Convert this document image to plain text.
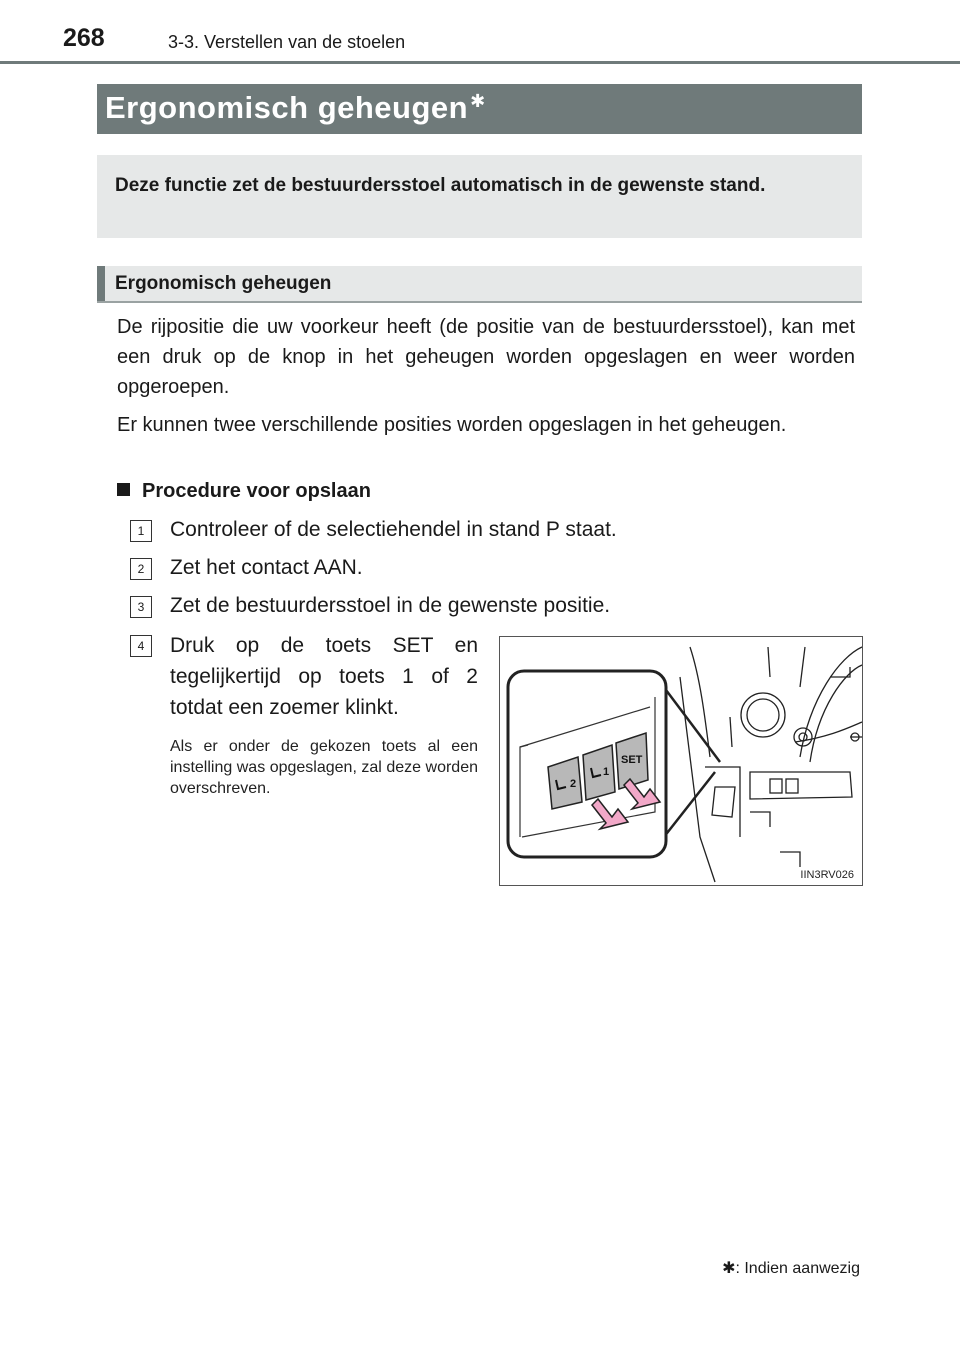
268	3-3. Verstellen van de stoelen
Ergonomisch geheugen ✱
Deze functie zet de bestuurdersstoel automatisch in de gewenste stand.
Ergonomisch geheugen
De rijpositie die uw voorkeur heeft (de positie van de bestuurdersstoel), kan met een druk op de knop in het geheugen worden opgeslagen en weer worden opgeroepen.
Er kunnen twee verschillende posities worden opgeslagen in het geheugen.
Procedure voor opslaan
1	Controleer of de selectiehendel in stand P staat.
2	Zet het contact AAN.
3	Zet de bestuurdersstoel in de gewenste positie.
4	Druk op de toets SET en tegelijkertijd op toets 1 of 2 totdat een zoemer klinkt.
Als er onder de gekozen toets al een instelling was opgeslagen, zal deze worden overschreven.	2
1
SET
IIN3RV026
✱: Indien aanwezig
